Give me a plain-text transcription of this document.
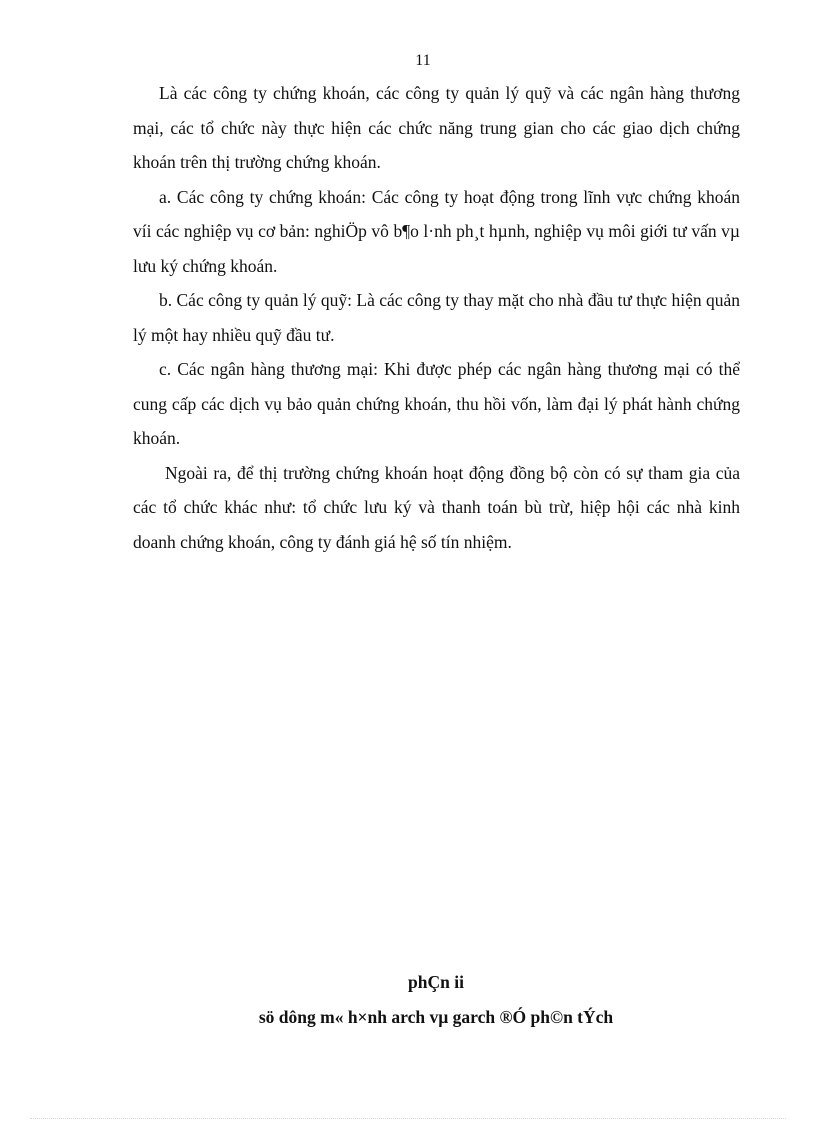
11

Là các công ty chứng khoán, các công ty quản lý quỹ và các ngân hàng thương mại, các tổ chức này thực hiện các chức năng trung gian cho các giao dịch chứng khoán trên thị trường chứng khoán.

a. Các công ty chứng khoán: Các công ty hoạt động trong lĩnh vực chứng khoán víi các nghiệp vụ cơ bản: nghiÖp vô b¶o l·nh ph¸t hµnh, nghiệp vụ môi giới tư vấn vµ lưu ký chứng khoán.

b. Các công ty quản lý quỹ: Là các công ty thay mặt cho nhà đầu tư thực hiện quản lý một hay nhiều quỹ đầu tư.

c. Các ngân hàng thương mại: Khi được phép các ngân hàng thương mại có thể cung cấp các dịch vụ bảo quản chứng khoán, thu hồi vốn, làm đại lý phát hành chứng khoán.

Ngoài ra, để thị trường chứng khoán hoạt động đồng bộ còn có sự tham gia của các tổ chức khác như: tổ chức lưu ký và thanh toán bù trừ, hiệp hội các nhà kinh doanh chứng khoán, công ty đánh giá hệ số tín nhiệm.

phÇn ii
sö dông m« h×nh arch vµ garch ®Ó ph©n tÝch
